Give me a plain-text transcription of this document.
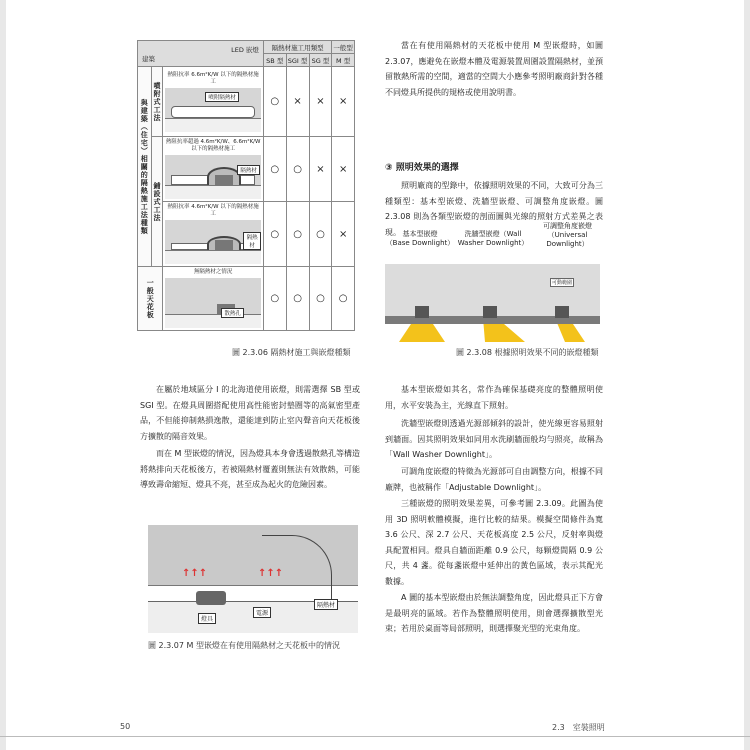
LED 嵌燈
建築			隔熱材施工用類型			一般型
			SB 型	SGI 型	SG 型	M 型
與建築（住宅）相關的隔熱施工法種類	噴附式工法	熱阻抗率 6.6m²K/W 以下的隔熱材施工
噴附隔熱材	○	×	×	×
	鋪設式工法	熱阻抗率超過 4.6m²K/W、6.6m²K/W 以下的隔熱材施工
隔熱材	○	○	×	×

		熱阻抗率 4.6m²K/W 以下的隔熱材施工
隔熱材	○	○	○	×
一般天花板		無隔熱材之情況
散熱孔	○	○	○	○
圖 2.3.06 隔熱材施工與嵌燈種類

在屬於地域區分 I 的北海道使用嵌燈，則需選擇 SB 型或 SGI 型。在燈具周圍搭配使用高性能密封墊圈等的高氣密型產品，不但能抑制熱損逸散，還能達到防止室內聲音向天花板後方擴散的隔音效果。

而在 M 型嵌燈的情況，因為燈具本身會透過散熱孔等構造將熱排向天花板後方，若被隔熱材覆蓋則無法有效散熱，可能導致壽命縮短、燈具不亮，甚至成為起火的危險因素。

↑↑↑	↑↑↑
燈具
電源
隔熱材
圖 2.3.07 M 型嵌燈在有使用隔熱材之天花板中的情況

當在有使用隔熱材的天花板中使用 M 型嵌燈時，如圖 2.3.07，應避免在嵌燈本體及電源裝置周圍設置隔熱材，並預留散熱所需的空間，適當的空間大小應參考照明廠商針對各種不同燈具所提供的規格或使用說明書。

③ 照明效果的選擇

照明廠商的型錄中，依據照明效果的不同，大致可分為三種類型：基本型嵌燈、洗牆型嵌燈、可調整角度嵌燈。圖 2.3.08 則為各類型嵌燈的剖面圖與光線的照射方式差異之表現。 基本型嵌燈
（Base Downlight）
洗牆型嵌燈（Wall
Washer Downlight）
可調整角度嵌燈
（Universal
Downlight）
可動範圍
圖 2.3.08 根據照明效果不同的嵌燈種類

基本型嵌燈如其名，常作為確保基礎亮度的整體照明使用，水平安裝為主，光線直下照射。

洗牆型嵌燈則透過光源部傾斜的設計，使光線更容易照射到牆面。因其照明效果如同用水洗刷牆面般均勻照亮，故稱為「Wall Washer Downlight」。

可調角度嵌燈的特徵為光源部可自由調整方向，根據不同廠牌，也被稱作「Adjustable Downlight」。

三種嵌燈的照明效果差異，可參考圖 2.3.09。此圖為使用 3D 照明軟體模擬，進行比較的結果。模擬空間條件為寬 3.6 公尺、深 2.7 公尺、天花板高度 2.5 公尺，反射率與燈具配置相同。燈具自牆面距離 0.9 公尺，每顆燈間隔 0.9 公尺，共 4 盞。從每盞嵌燈中延伸出的黃色區域，表示其配光數據。

A 圖的基本型嵌燈由於無法調整角度，因此燈具正下方會是最明亮的區域。若作為整體照明使用，則會選擇擴散型光束；若用於桌面等局部照明，則選擇聚光型的光束角度。

50	2.3　室裝照明
